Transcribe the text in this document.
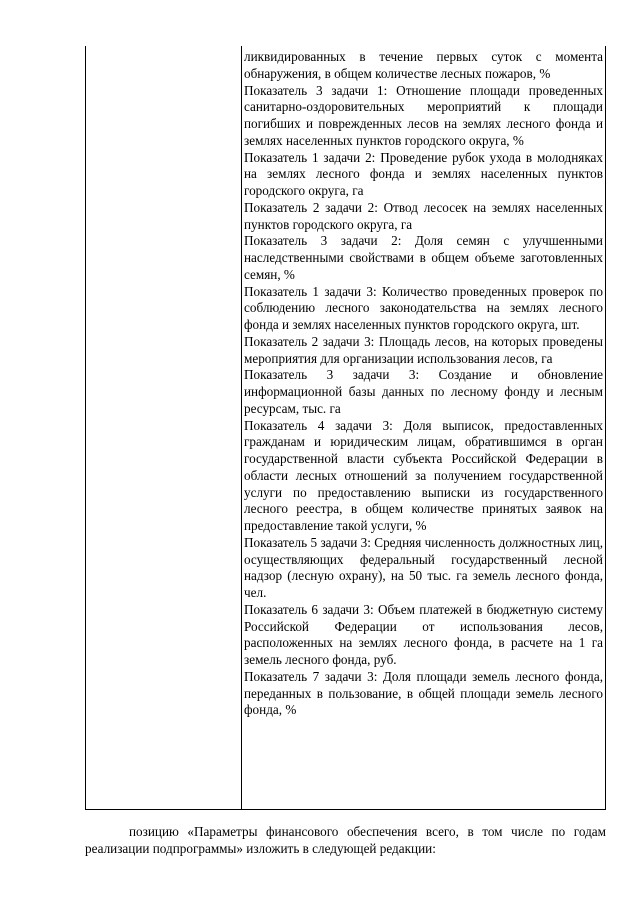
ликвидированных в течение первых суток с момента обнаружения, в общем количестве лесных пожаров, %
Показатель 3 задачи 1: Отношение площади проведенных санитарно-оздоровительных мероприятий к площади погибших и поврежденных лесов на землях лесного фонда и землях населенных пунктов городского округа, %
Показатель 1 задачи 2: Проведение рубок ухода в молодняках на землях лесного фонда и землях населенных пунктов городского округа, га
Показатель 2 задачи 2: Отвод лесосек на землях населенных пунктов городского округа, га
Показатель 3 задачи 2: Доля семян с улучшенными наследственными свойствами в общем объеме заготовленных семян, %
Показатель 1 задачи 3: Количество проведенных проверок по соблюдению лесного законодательства на землях лесного фонда и землях населенных пунктов городского округа, шт.
Показатель 2 задачи 3: Площадь лесов, на которых проведены мероприятия для организации использования лесов, га
Показатель 3 задачи 3: Создание и обновление информационной базы данных по лесному фонду и лесным ресурсам, тыс. га
Показатель 4 задачи 3: Доля выписок, предоставленных гражданам и юридическим лицам, обратившимся в орган государственной власти субъекта Российской Федерации в области лесных отношений за получением государственной услуги по предоставлению выписки из государственного лесного реестра, в общем количестве принятых заявок на предоставление такой услуги, %
Показатель 5 задачи 3: Средняя численность должностных лиц, осуществляющих федеральный государственный лесной надзор (лесную охрану), на 50 тыс. га земель лесного фонда, чел.
Показатель 6 задачи 3: Объем платежей в бюджетную систему Российской Федерации от использования лесов, расположенных на землях лесного фонда, в расчете на 1 га земель лесного фонда, руб.
Показатель 7 задачи 3: Доля площади земель лесного фонда, переданных в пользование, в общей площади земель лесного фонда, %

позицию «Параметры финансового обеспечения всего, в том числе по годам реализации подпрограммы» изложить в следующей редакции:
